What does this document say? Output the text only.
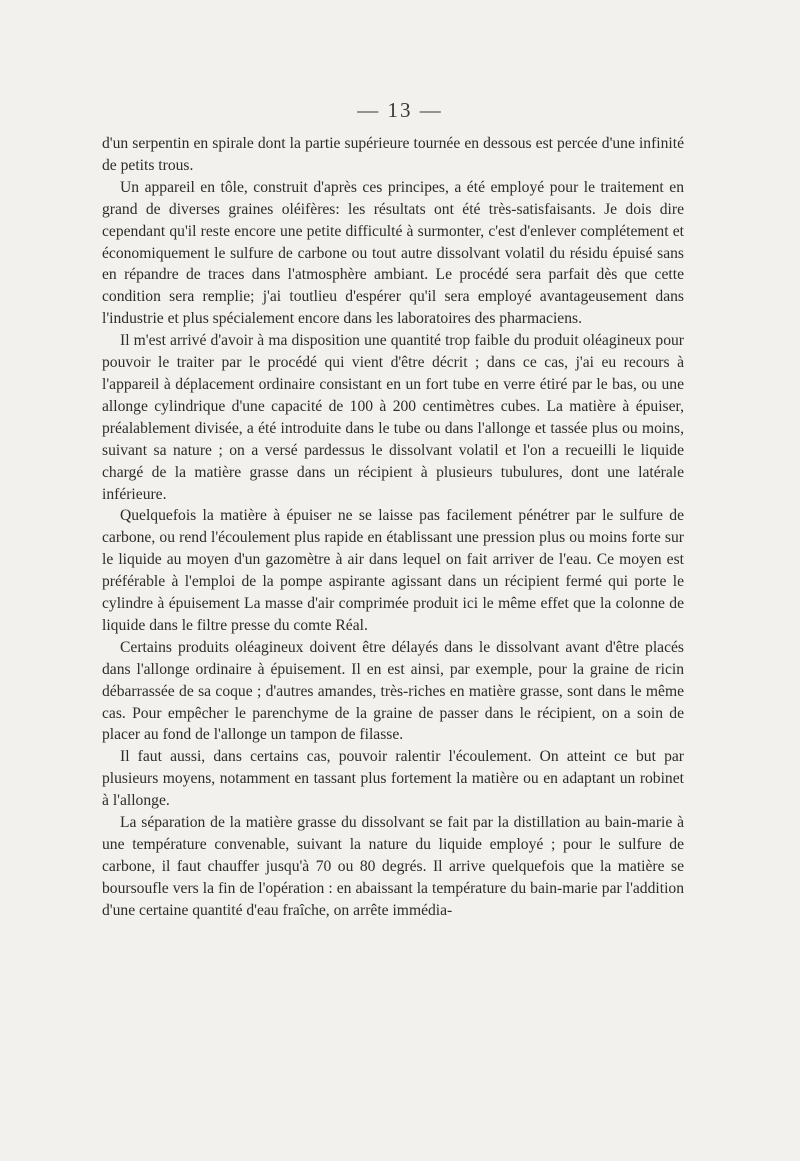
— 13 —

d'un serpentin en spirale dont la partie supérieure tournée en dessous est percée d'une infinité de petits trous.

Un appareil en tôle, construit d'après ces principes, a été employé pour le traitement en grand de diverses graines oléifères: les résultats ont été très-satisfaisants. Je dois dire cependant qu'il reste encore une petite difficulté à surmonter, c'est d'enlever complétement et économiquement le sulfure de carbone ou tout autre dissolvant volatil du résidu épuisé sans en répandre de traces dans l'atmosphère ambiant. Le procédé sera parfait dès que cette condition sera remplie; j'ai toutlieu d'espérer qu'il sera employé avantageusement dans l'industrie et plus spécialement encore dans les laboratoires des pharmaciens.

Il m'est arrivé d'avoir à ma disposition une quantité trop faible du produit oléagineux pour pouvoir le traiter par le procédé qui vient d'être décrit ; dans ce cas, j'ai eu recours à l'appareil à déplacement ordinaire consistant en un fort tube en verre étiré par le bas, ou une allonge cylindrique d'une capacité de 100 à 200 centimètres cubes. La matière à épuiser, préalablement divisée, a été introduite dans le tube ou dans l'allonge et tassée plus ou moins, suivant sa nature ; on a versé pardessus le dissolvant volatil et l'on a recueilli le liquide chargé de la matière grasse dans un récipient à plusieurs tubulures, dont une latérale inférieure.

Quelquefois la matière à épuiser ne se laisse pas facilement pénétrer par le sulfure de carbone, ou rend l'écoulement plus rapide en établissant une pression plus ou moins forte sur le liquide au moyen d'un gazomètre à air dans lequel on fait arriver de l'eau. Ce moyen est préférable à l'emploi de la pompe aspirante agissant dans un récipient fermé qui porte le cylindre à épuisement La masse d'air comprimée produit ici le même effet que la colonne de liquide dans le filtre presse du comte Réal.

Certains produits oléagineux doivent être délayés dans le dissolvant avant d'être placés dans l'allonge ordinaire à épuisement. Il en est ainsi, par exemple, pour la graine de ricin débarrassée de sa coque ; d'autres amandes, très-riches en matière grasse, sont dans le même cas. Pour empêcher le parenchyme de la graine de passer dans le récipient, on a soin de placer au fond de l'allonge un tampon de filasse.

Il faut aussi, dans certains cas, pouvoir ralentir l'écoulement. On atteint ce but par plusieurs moyens, notamment en tassant plus fortement la matière ou en adaptant un robinet à l'allonge.

La séparation de la matière grasse du dissolvant se fait par la distillation au bain-marie à une température convenable, suivant la nature du liquide employé ; pour le sulfure de carbone, il faut chauffer jusqu'à 70 ou 80 degrés. Il arrive quelquefois que la matière se boursoufle vers la fin de l'opération : en abaissant la température du bain-marie par l'addition d'une certaine quantité d'eau fraîche, on arrête immédia-
